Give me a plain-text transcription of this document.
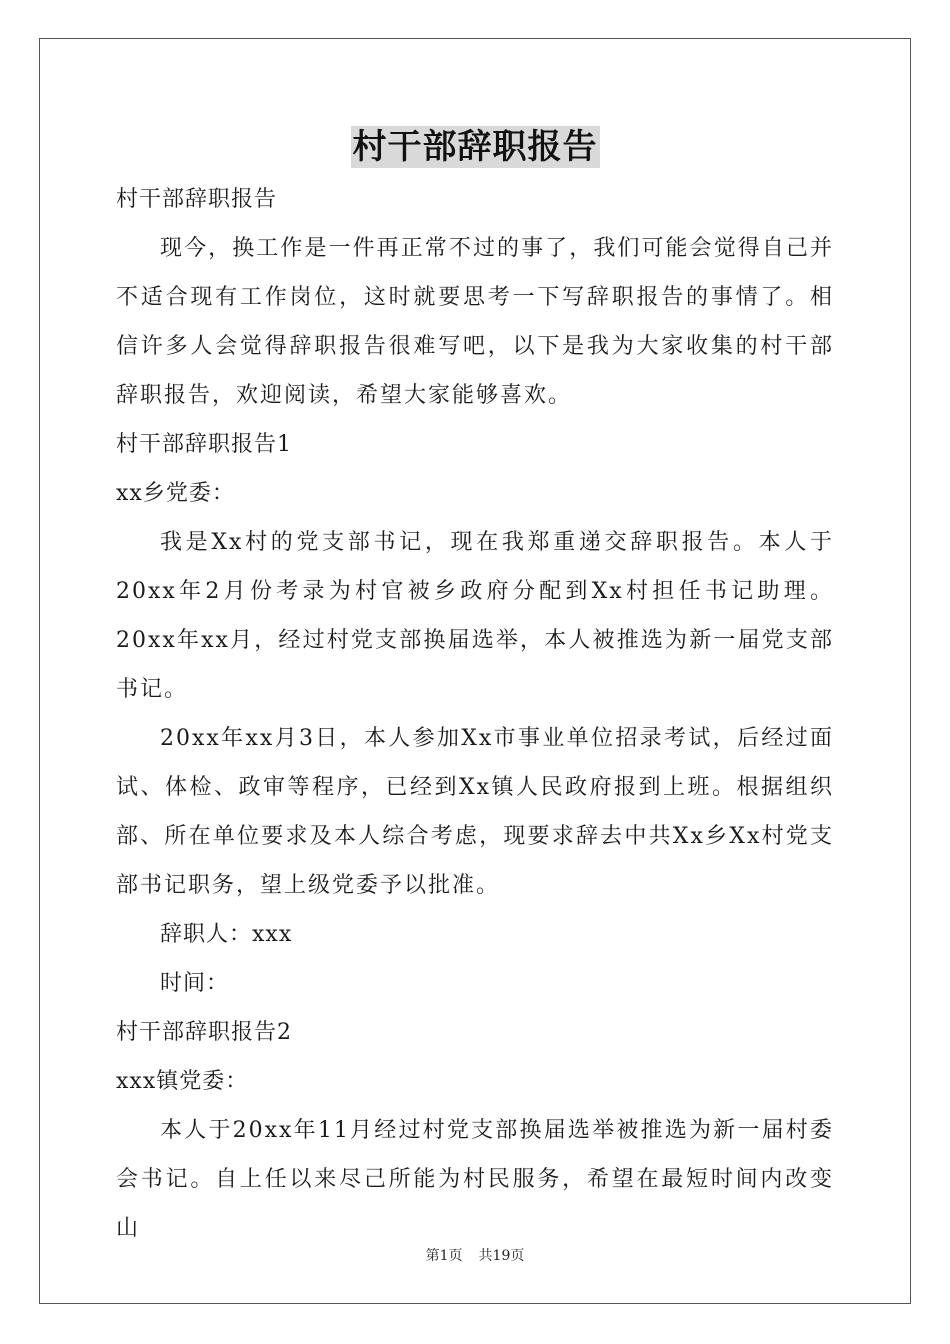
村干部辞职报告
村干部辞职报告

现今，换工作是一件再正常不过的事了，我们可能会觉得自己并不适合现有工作岗位，这时就要思考一下写辞职报告的事情了。相信许多人会觉得辞职报告很难写吧，以下是我为大家收集的村干部辞职报告，欢迎阅读，希望大家能够喜欢。

村干部辞职报告1
xx乡党委：

我是Xx村的党支部书记，现在我郑重递交辞职报告。本人于20xx年2月份考录为村官被乡政府分配到Xx村担任书记助理。20xx年xx月，经过村党支部换届选举，本人被推选为新一届党支部书记。

20xx年xx月3日，本人参加Xx市事业单位招录考试，后经过面试、体检、政审等程序，已经到Xx镇人民政府报到上班。根据组织部、所在单位要求及本人综合考虑，现要求辞去中共Xx乡Xx村党支部书记职务，望上级党委予以批准。

辞职人：xxx
时间：
村干部辞职报告2
xxx镇党委：

本人于20xx年11月经过村党支部换届选举被推选为新一届村委会书记。自上任以来尽己所能为村民服务，希望在最短时间内改变山

第1页 共19页
